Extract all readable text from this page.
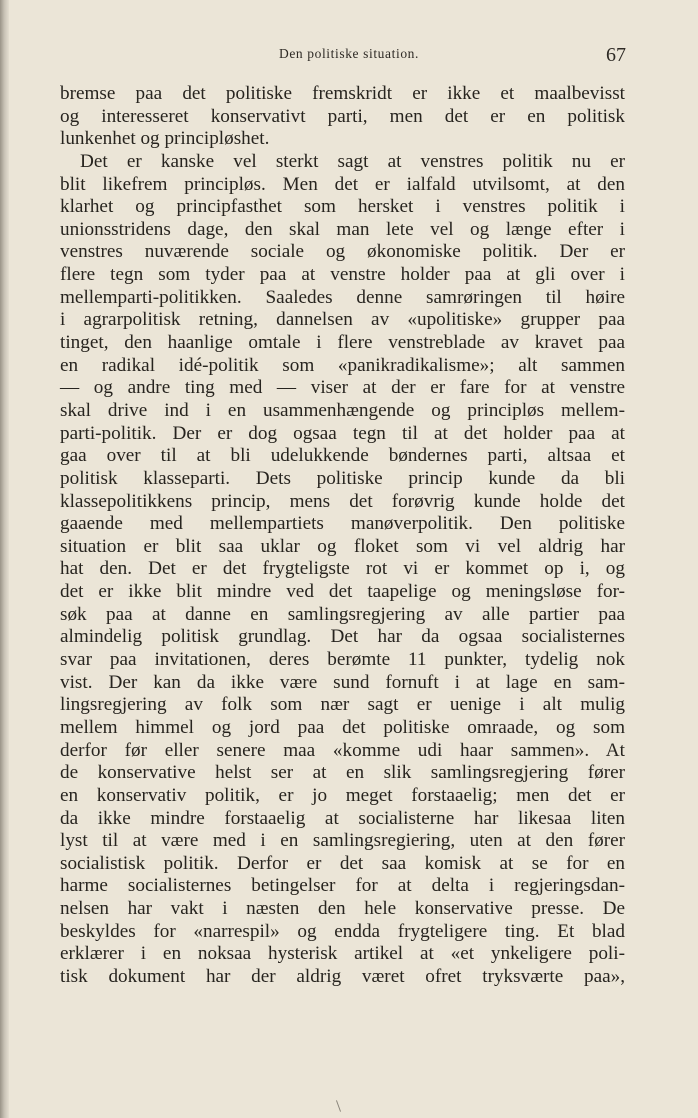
Den politiske situation.	67
bremse paa det politiske fremskridt er ikke et maalbevisst
og interesseret konservativt parti, men det er en politisk
lunkenhet og principløshet.
Det er kanske vel sterkt sagt at venstres politik nu er
blit likefrem principløs. Men det er ialfald utvilsomt, at den
klarhet og principfasthet som hersket i venstres politik i
unionsstridens dage, den skal man lete vel og længe efter i
venstres nuværende sociale og økonomiske politik. Der er
flere tegn som tyder paa at venstre holder paa at gli over i
mellemparti-politikken. Saaledes denne samrøringen til høire
i agrarpolitisk retning, dannelsen av «upolitiske» grupper paa
tinget, den haanlige omtale i flere venstreblade av kravet paa
en radikal idé-politik som «panikradikalisme»; alt sammen
— og andre ting med — viser at der er fare for at venstre
skal drive ind i en usammenhængende og principløs mellem-
parti-politik. Der er dog ogsaa tegn til at det holder paa at
gaa over til at bli udelukkende bøndernes parti, altsaa et
politisk klasseparti. Dets politiske princip kunde da bli
klassepolitikkens princip, mens det forøvrig kunde holde det
gaaende med mellempartiets manøverpolitik. Den politiske
situation er blit saa uklar og floket som vi vel aldrig har
hat den. Det er det frygteligste rot vi er kommet op i, og
det er ikke blit mindre ved det taapelige og meningsløse for-
søk paa at danne en samlingsregjering av alle partier paa
almindelig politisk grundlag. Det har da ogsaa socialisternes
svar paa invitationen, deres berømte 11 punkter, tydelig nok
vist. Der kan da ikke være sund fornuft i at lage en sam-
lingsregjering av folk som nær sagt er uenige i alt mulig
mellem himmel og jord paa det politiske omraade, og som
derfor før eller senere maa «komme udi haar sammen». At
de konservative helst ser at en slik samlingsregjering fører
en konservativ politik, er jo meget forstaaelig; men det er
da ikke mindre forstaaelig at socialisterne har likesaa liten
lyst til at være med i en samlingsregiering, uten at den fører
socialistisk politik. Derfor er det saa komisk at se for en
harme socialisternes betingelser for at delta i regjeringsdan-
nelsen har vakt i næsten den hele konservative presse. De
beskyldes for «narrespil» og endda frygteligere ting. Et blad
erklærer i en noksaa hysterisk artikel at «et ynkeligere poli-
tisk dokument har der aldrig været ofret tryksværte paa»,
